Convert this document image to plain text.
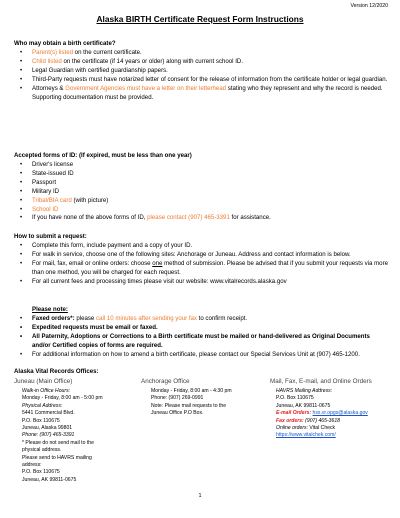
Version 12/2020
Alaska BIRTH Certificate Request Form Instructions
Who may obtain a birth certificate?
• Parent(s) listed on the current certificate.
• Child listed on the certificate (if 14 years or older) along with current school ID.
• Legal Guardian with certified guardianship papers.
• Third-Party requests must have notarized letter of consent for the release of information from the certificate holder or legal guardian.
• Attorneys & Government Agencies must have a letter on their letterhead stating who they represent and why the record is needed. Supporting documentation must be provided.
Accepted forms of ID: (If expired, must be less than one year)
• Driver's license
• State-issued ID
• Passport
• Military ID
• Tribal/BIA card (with picture)
• School ID
• If you have none of the above forms of ID, please contact (907) 465-3391 for assistance.
How to submit a request:
• Complete this form, include payment and a copy of your ID.
• For walk in service, choose one of the following sites: Anchorage or Juneau. Address and contact information is below.
• For mail, fax, email or online orders: choose one method of submission. Please be advised that if you submit your requests via more than one method, you will be charged for each request.
• For all current fees and processing times please visit our website: www.vitalrecords.alaska.gov
Please note:
• Faxed orders*: please call 10 minutes after sending your fax to confirm receipt.
• Expedited requests must be email or faxed.
• All Paternity, Adoptions or Corrections to a Birth certificate must be mailed or hand-delivered as Original Documents and/or Certified copies of forms are required.
• For additional information on how to amend a birth certificate, please contact our Special Services Unit at (907) 465-1200.
Alaska Vital Records Offices:
Juneau (Main Office)
Walk-in Office Hours:
Monday - Friday, 8:00 am - 5:00 pm
Physical Address:
5441 Commercial Blvd.
P.O. Box 110675
Juneau, Alaska 99801
Phone: (907) 465-3391
* Please do not send mail to the
physical address.
Please send to HAVRS mailing
address:
P.O. Box 110675
Juneau, AK 99811-0675
Anchorage Office
Monday - Friday, 8:00 am - 4:30 pm
Phone: (907) 269-0991
Note: Please mail requests to the
Juneau Office P.O Box.
Mail, Fax, E-mail, and Online Orders
HAVRS Mailing Address:
P.O. Box 110675
Juneau, AK 99811-0675
E-mail Orders: hss.vr.opgs@alaska.gov
Fax orders: (907) 465-3618
Online orders: Vital Check
https://www.vitalchek.com/
1
